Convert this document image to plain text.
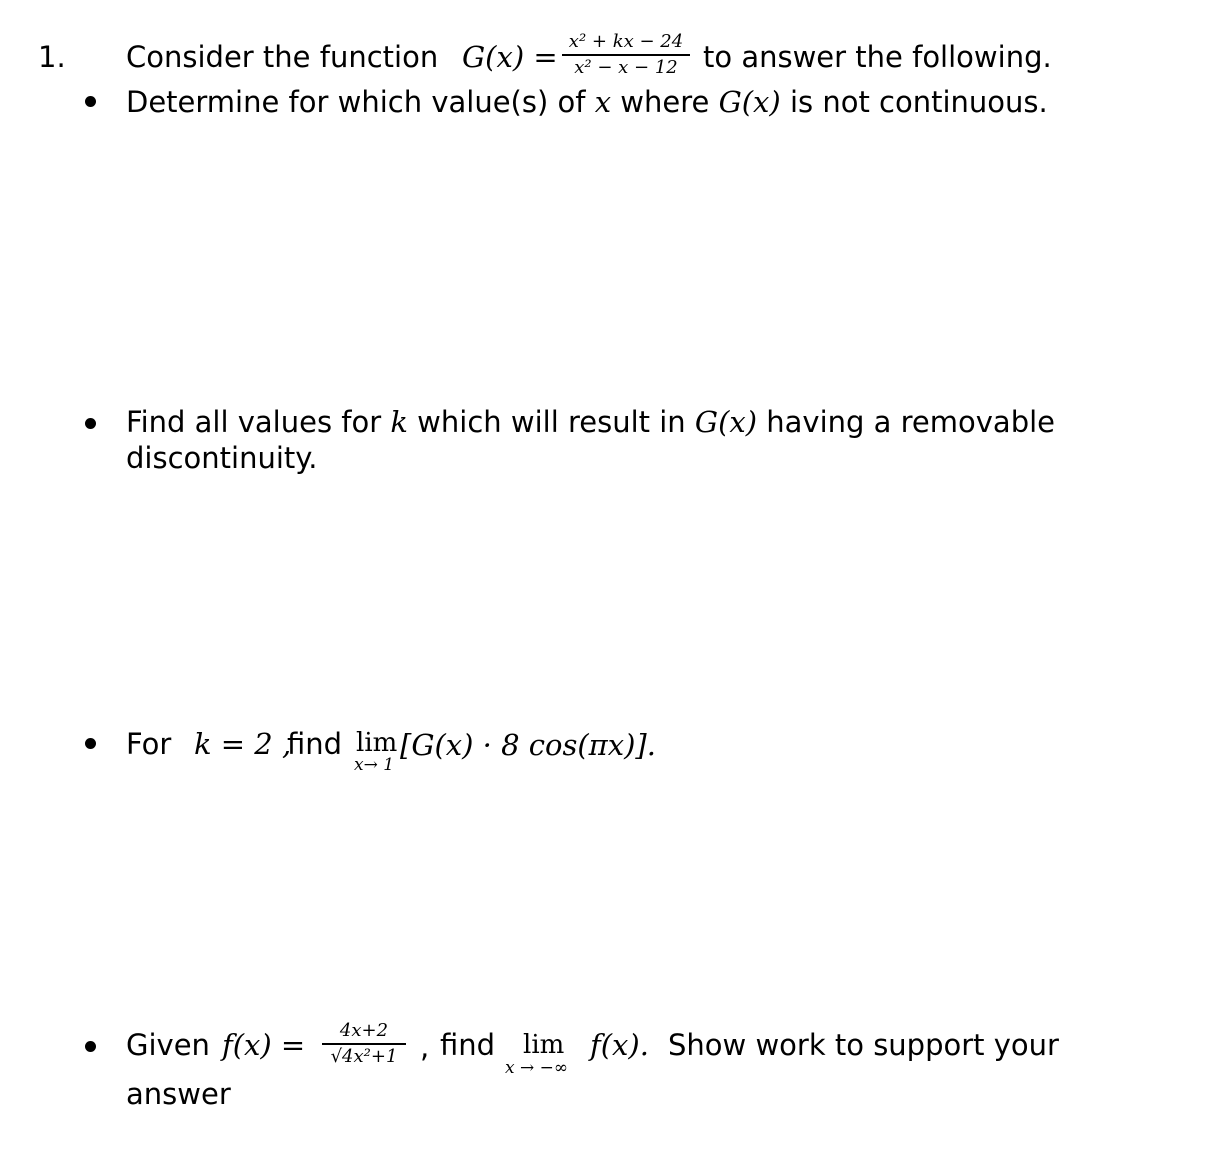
1. Consider the function G(x) = x² + kx − 24
x² − x − 12 to answer the following.
Determine for which value(s) of x where G(x) is not continuous.
Find all values for k which will result in G(x) having a removable
discontinuity.
For k = 2 ,
find lim
x→ 1
[G(x) · 8 cos(πx)].
Given f(x) =	4x+2
√4x²+1 , find lim
x → −∞
f(x). Show work to support your
answer
